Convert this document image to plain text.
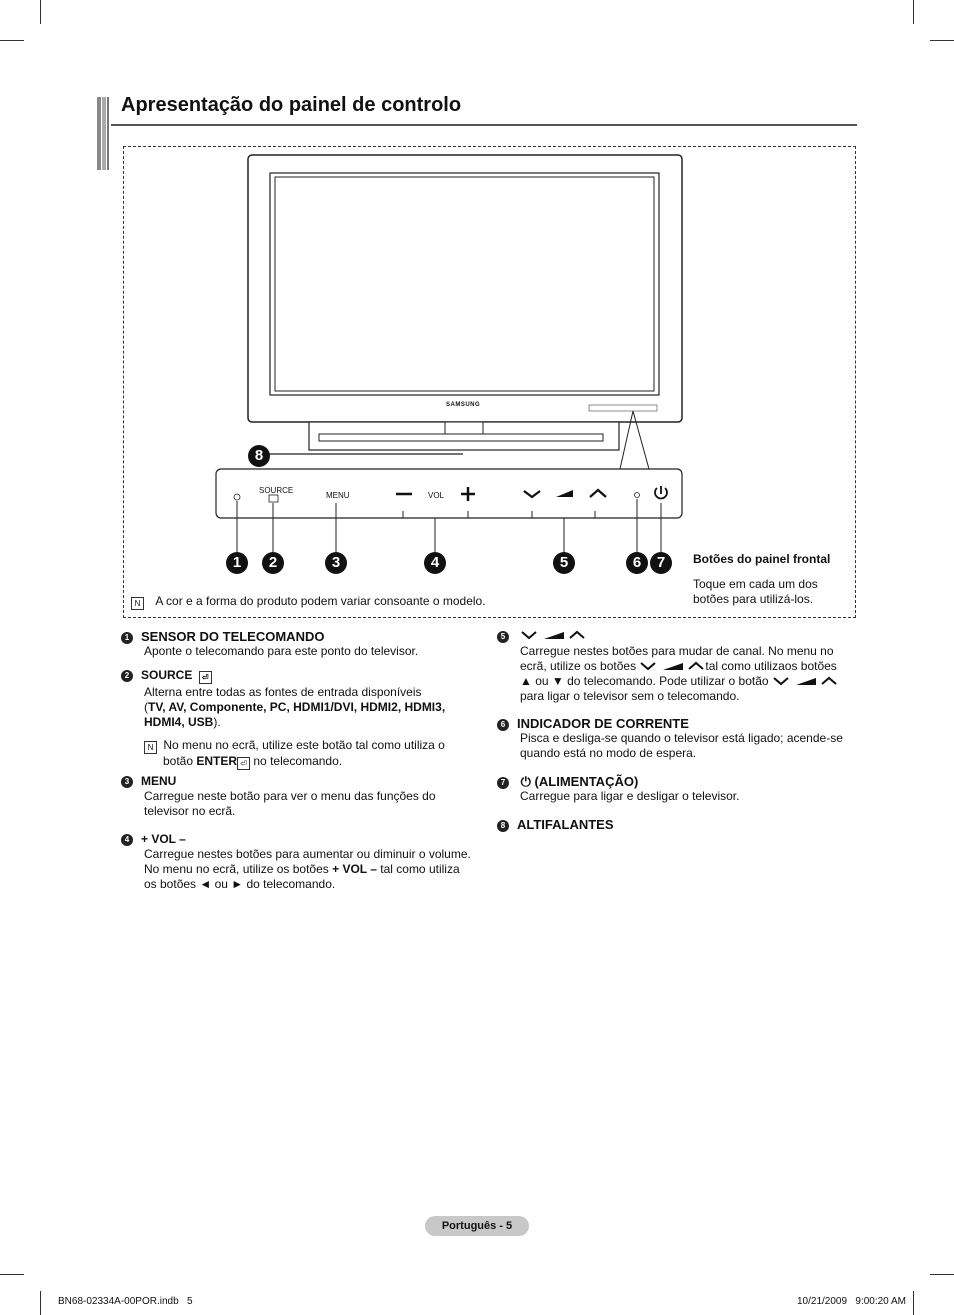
Apresentação do painel de controlo
SAMSUNG
SOURCE
MENU	VOL
8
1	2	3	4	5	6	7	Botões do painel frontal
Toque em cada um dos
botões para utilizá-los.
N A cor e a forma do produto podem variar consoante o modelo.
1 SENSOR DO TELECOMANDO
Aponte o telecomando para este ponto do televisor.
2 SOURCE ⏎
Alterna entre todas as fontes de entrada disponíveis
(TV, AV, Componente, PC, HDMI1/DVI, HDMI2, HDMI3,
HDMI4, USB).
N No menu no ecrã, utilize este botão tal como utiliza o
botão ENTER ⏎ no telecomando.
3 MENU
Carregue neste botão para ver o menu das funções do
televisor no ecrã.
4 + VOL –
Carregue nestes botões para aumentar ou diminuir o volume.
No menu no ecrã, utilize os botões + VOL – tal como utiliza
os botões ◄ ou ► do telecomando.
5
Carregue nestes botões para mudar de canal. No menu no
ecrã, utilize os botões	tal como utilizaos botões
▲ ou ▼ do telecomando. Pode utilizar o botão
para ligar o televisor sem o telecomando.
6 INDICADOR DE CORRENTE
Pisca e desliga-se quando o televisor está ligado; acende-se
quando está no modo de espera.
7 ⏻ (ALIMENTAÇÃO)
Carregue para ligar e desligar o televisor.
8 ALTIFALANTES
Português - 5
BN68-02334A-00POR.indb   5	10/21/2009   9:00:20 AM
